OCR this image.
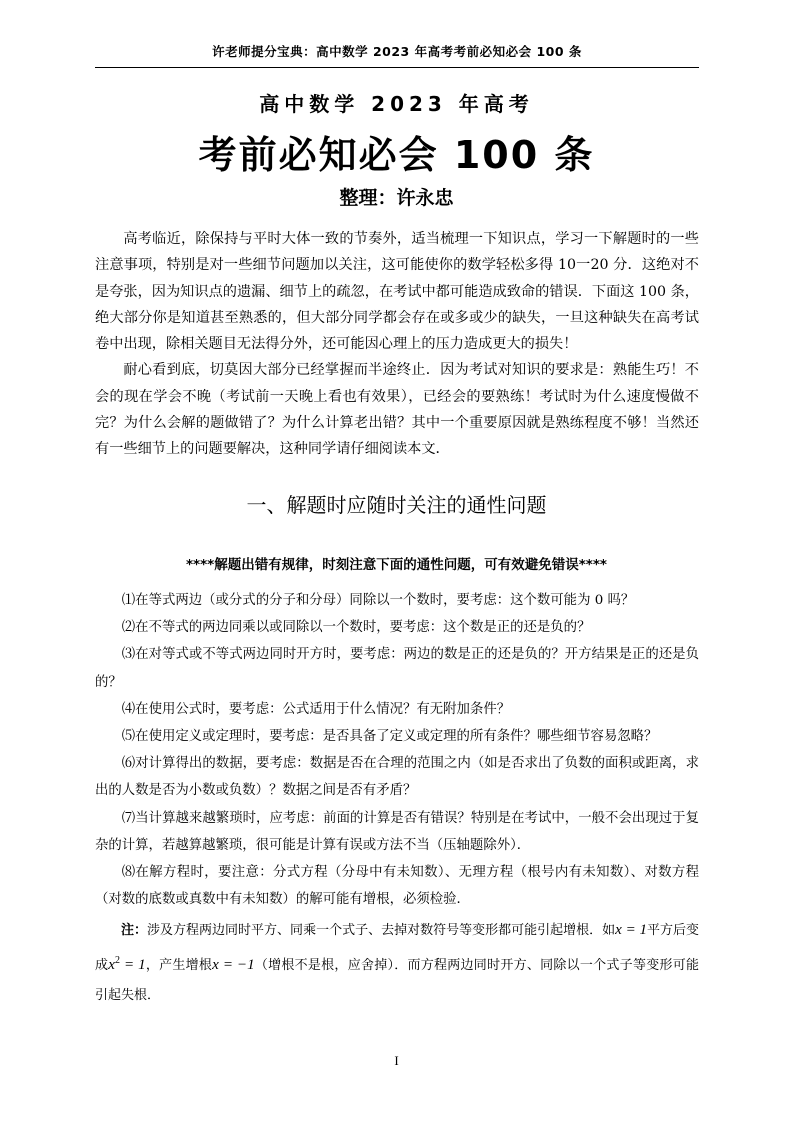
许老师提分宝典：高中数学 2023 年高考考前必知必会 100 条
高中数学 2023 年高考
考前必知必会 100 条
整理：许永忠

高考临近，除保持与平时大体一致的节奏外，适当梳理一下知识点，学习一下解题时的一些注意事项，特别是对一些细节问题加以关注，这可能使你的数学轻松多得 10一20 分．这绝对不是夸张，因为知识点的遗漏、细节上的疏忽，在考试中都可能造成致命的错误．下面这 100 条，绝大部分你是知道甚至熟悉的，但大部分同学都会存在或多或少的缺失，一旦这种缺失在高考试卷中出现，除相关题目无法得分外，还可能因心理上的压力造成更大的损失！

耐心看到底，切莫因大部分已经掌握而半途终止．因为考试对知识的要求是：熟能生巧！不会的现在学会不晚（考试前一天晚上看也有效果），已经会的要熟练！考试时为什么速度慢做不完？为什么会解的题做错了？为什么计算老出错？其中一个重要原因就是熟练程度不够！当然还有一些细节上的问题要解决，这种同学请仔细阅读本文．

一、解题时应随时关注的通性问题
****解题出错有规律，时刻注意下面的通性问题，可有效避免错误****

⑴在等式两边（或分式的分子和分母）同除以一个数时，要考虑：这个数可能为 0 吗？

⑵在不等式的两边同乘以或同除以一个数时，要考虑：这个数是正的还是负的？

⑶在对等式或不等式两边同时开方时，要考虑：两边的数是正的还是负的？开方结果是正的还是负的？

⑷在使用公式时，要考虑：公式适用于什么情况？有无附加条件？

⑸在使用定义或定理时，要考虑：是否具备了定义或定理的所有条件？哪些细节容易忽略？

⑹对计算得出的数据，要考虑：数据是否在合理的范围之内（如是否求出了负数的面积或距离，求出的人数是否为小数或负数）？数据之间是否有矛盾？

⑺当计算越来越繁琐时，应考虑：前面的计算是否有错误？特别是在考试中，一般不会出现过于复杂的计算，若越算越繁琐，很可能是计算有误或方法不当（压轴题除外）．

⑻在解方程时，要注意：分式方程（分母中有未知数）、无理方程（根号内有未知数）、对数方程（对数的底数或真数中有未知数）的解可能有增根，必须检验．

注：涉及方程两边同时平方、同乘一个式子、去掉对数符号等变形都可能引起增根．如x = 1平方后变成$x^2 = 1$，产生增根x = −1（增根不是根，应舍掉）．而方程两边同时开方、同除以一个式子等变形可能引起失根．

I
